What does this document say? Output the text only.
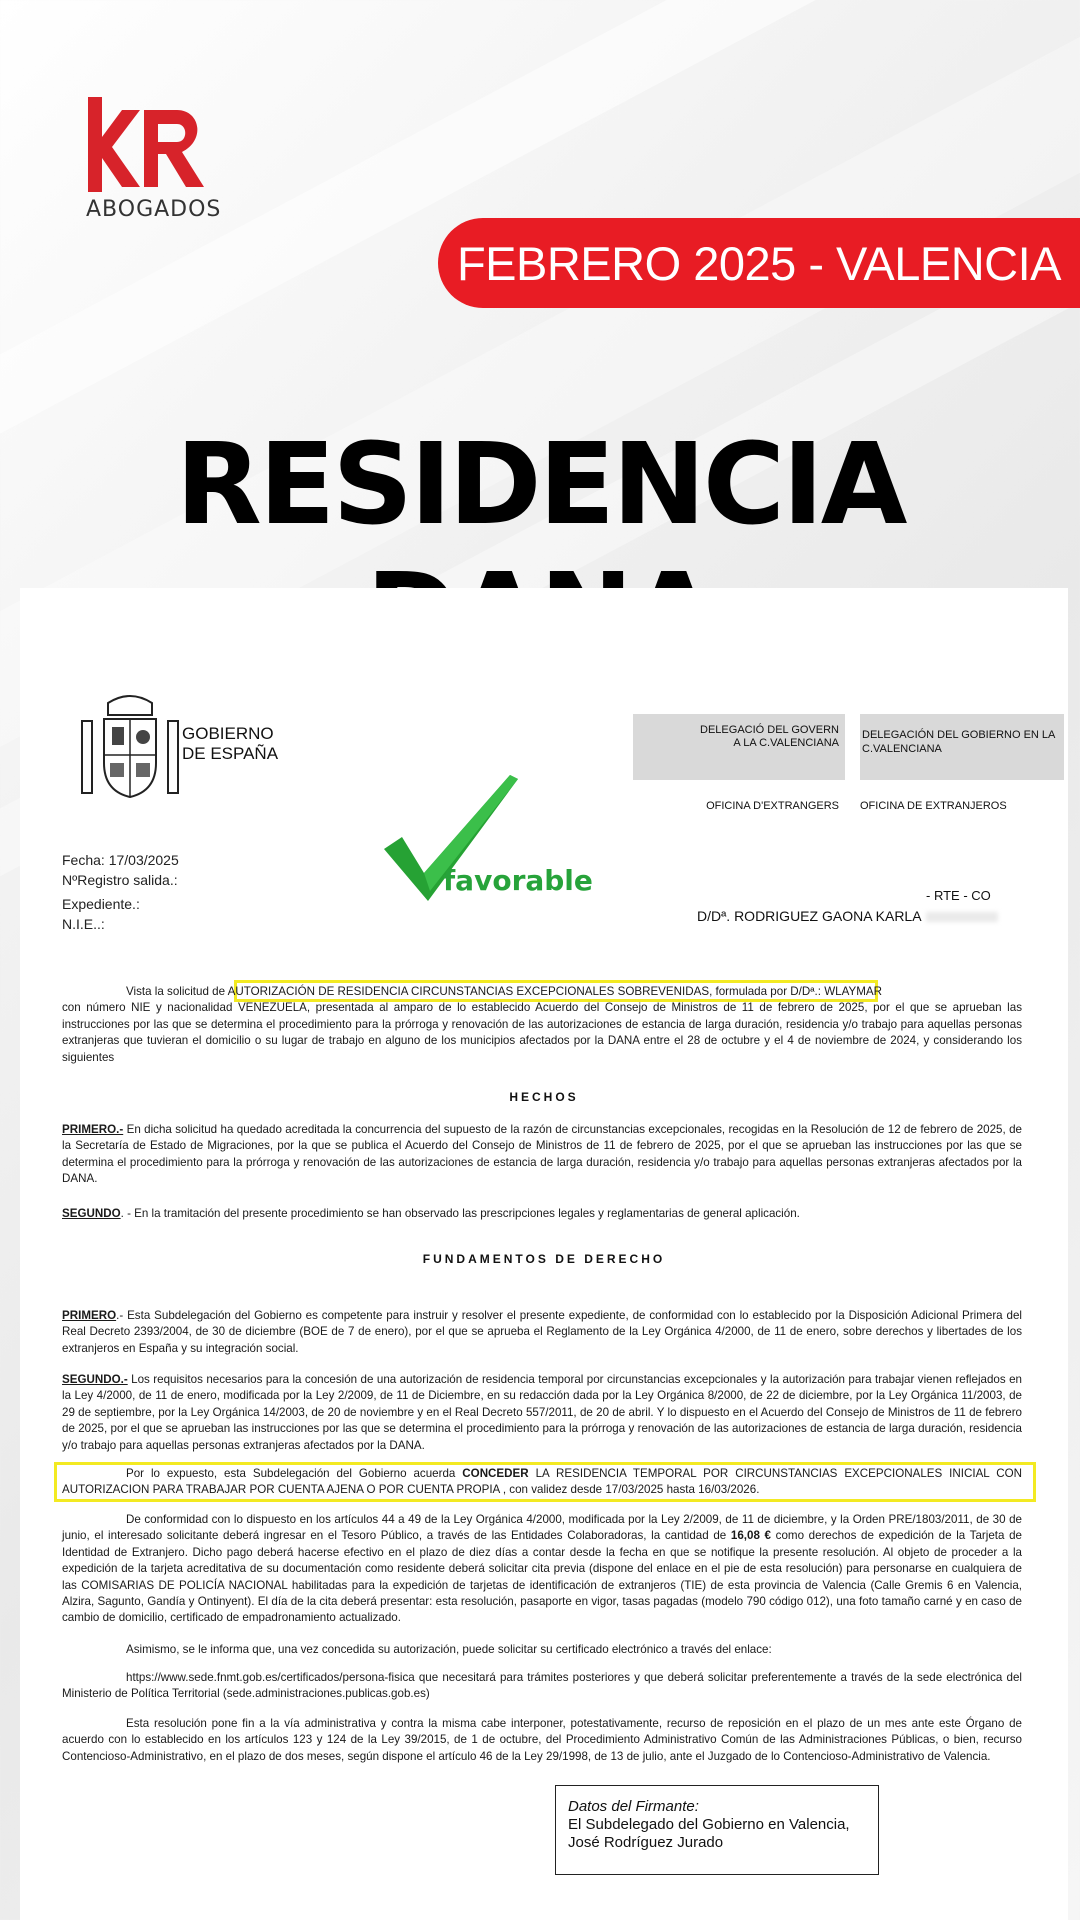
ABOGADOS
FEBRERO 2025 - VALENCIA
RESIDENCIA
GOBIERNO
DE ESPAÑA
DELEGACIÓ DEL GOVERN
A LA C.VALENCIANA
DELEGACIÓN DEL GOBIERNO EN LA
C.VALENCIANA
OFICINA D'EXTRANGERS OFICINA DE EXTRANJEROS
Fecha: 17/03/2025
NºRegistro salida.:
Expediente.:
N.I.E..:
favorable	- RTE - CO
D/Dª. RODRIGUEZ GAONA KARLA
Vista la solicitud de AUTORIZACIÓN DE RESIDENCIA CIRCUNSTANCIAS EXCEPCIONALES SOBREVENIDAS, formulada por D/Dª.: WLAYMAR
con número NIE y nacionalidad VENEZUELA, presentada al amparo de lo establecido Acuerdo del Consejo de Ministros de 11 de febrero de 2025, por el que se aprueban las instrucciones por las que se determina el procedimiento para la prórroga y renovación de las autorizaciones de estancia de larga duración, residencia y/o trabajo para aquellas personas extranjeras que tuvieran el domicilio o su lugar de trabajo en alguno de los municipios afectados por la DANA entre el 28 de octubre y el 4 de noviembre de 2024, y considerando los siguientes
HECHOS
PRIMERO.- En dicha solicitud ha quedado acreditada la concurrencia del supuesto de la razón de circunstancias excepcionales, recogidas en la Resolución de 12 de febrero de 2025, de la Secretaría de Estado de Migraciones, por la que se publica el Acuerdo del Consejo de Ministros de 11 de febrero de 2025, por el que se aprueban las instrucciones por las que se determina el procedimiento para la prórroga y renovación de las autorizaciones de estancia de larga duración, residencia y/o trabajo para aquellas personas extranjeras afectados por la DANA.
SEGUNDO. - En la tramitación del presente procedimiento se han observado las prescripciones legales y reglamentarias de general aplicación.
FUNDAMENTOS DE DERECHO
PRIMERO.- Esta Subdelegación del Gobierno es competente para instruir y resolver el presente expediente, de conformidad con lo establecido por la Disposición Adicional Primera del Real Decreto 2393/2004, de 30 de diciembre (BOE de 7 de enero), por el que se aprueba el Reglamento de la Ley Orgánica 4/2000, de 11 de enero, sobre derechos y libertades de los extranjeros en España y su integración social.
SEGUNDO.- Los requisitos necesarios para la concesión de una autorización de residencia temporal por circunstancias excepcionales y la autorización para trabajar vienen reflejados en la Ley 4/2000, de 11 de enero, modificada por la Ley 2/2009, de 11 de Diciembre, en su redacción dada por la Ley Orgánica 8/2000, de 22 de diciembre, por la Ley Orgánica 11/2003, de 29 de septiembre, por la Ley Orgánica 14/2003, de 20 de noviembre y en el Real Decreto 557/2011, de 20 de abril. Y lo dispuesto en el Acuerdo del Consejo de Ministros de 11 de febrero de 2025, por el que se aprueban las instrucciones por las que se determina el procedimiento para la prórroga y renovación de las autorizaciones de estancia de larga duración, residencia y/o trabajo para aquellas personas extranjeras afectados por la DANA.
Por lo expuesto, esta Subdelegación del Gobierno acuerda CONCEDER LA RESIDENCIA TEMPORAL POR CIRCUNSTANCIAS EXCEPCIONALES INICIAL CON AUTORIZACION PARA TRABAJAR POR CUENTA AJENA O POR CUENTA PROPIA , con validez desde 17/03/2025 hasta 16/03/2026.
De conformidad con lo dispuesto en los artículos 44 a 49 de la Ley Orgánica 4/2000, modificada por la Ley 2/2009, de 11 de diciembre, y la Orden PRE/1803/2011, de 30 de junio, el interesado solicitante deberá ingresar en el Tesoro Público, a través de las Entidades Colaboradoras, la cantidad de 16,08 € como derechos de expedición de la Tarjeta de Identidad de Extranjero. Dicho pago deberá hacerse efectivo en el plazo de diez días a contar desde la fecha en que se notifique la presente resolución. Al objeto de proceder a la expedición de la tarjeta acreditativa de su documentación como residente deberá solicitar cita previa (dispone del enlace en el pie de esta resolución) para personarse en cualquiera de las COMISARIAS DE POLICÍA NACIONAL habilitadas para la expedición de tarjetas de identificación de extranjeros (TIE) de esta provincia de Valencia (Calle Gremis 6 en Valencia, Alzira, Sagunto, Gandía y Ontinyent). El día de la cita deberá presentar: esta resolución, pasaporte en vigor, tasas pagadas (modelo 790 código 012), una foto tamaño carné y en caso de cambio de domicilio, certificado de empadronamiento actualizado.
Asimismo, se le informa que, una vez concedida su autorización, puede solicitar su certificado electrónico a través del enlace:
https://www.sede.fnmt.gob.es/certificados/persona-fisica que necesitará para trámites posteriores y que deberá solicitar preferentemente a través de la sede electrónica del Ministerio de Política Territorial (sede.administraciones.publicas.gob.es)
Esta resolución pone fin a la vía administrativa y contra la misma cabe interponer, potestativamente, recurso de reposición en el plazo de un mes ante este Órgano de acuerdo con lo establecido en los artículos 123 y 124 de la Ley 39/2015, de 1 de octubre, del Procedimiento Administrativo Común de las Administraciones Públicas, o bien, recurso Contencioso-Administrativo, en el plazo de dos meses, según dispone el artículo 46 de la Ley 29/1998, de 13 de julio, ante el Juzgado de lo Contencioso-Administrativo de Valencia.
Datos del Firmante:
El Subdelegado del Gobierno en Valencia,
José Rodríguez Jurado
